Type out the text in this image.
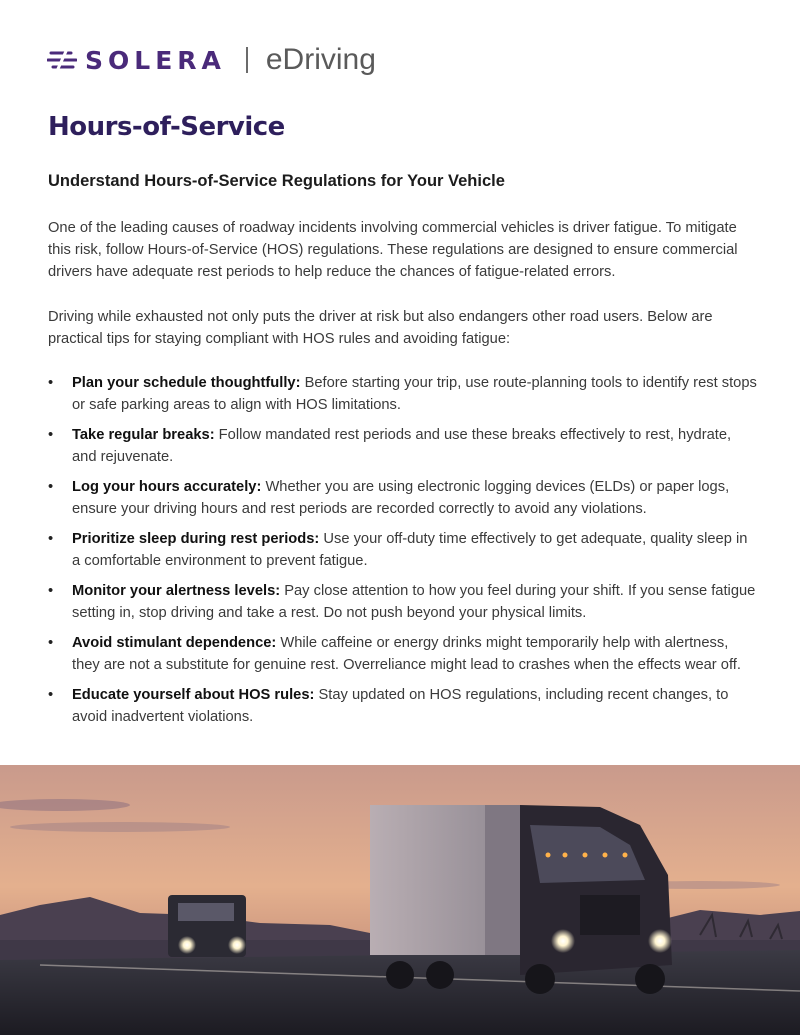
SOLERA eDriving
Hours-of-Service
Understand Hours-of-Service Regulations for Your Vehicle

One of the leading causes of roadway incidents involving commercial vehicles is driver fatigue. To mitigate this risk, follow Hours-of-Service (HOS) regulations. These regulations are designed to ensure commercial drivers have adequate rest periods to help reduce the chances of fatigue-related errors.

Driving while exhausted not only puts the driver at risk but also endangers other road users. Below are practical tips for staying compliant with HOS rules and avoiding fatigue:

• Plan your schedule thoughtfully: Before starting your trip, use route-planning tools to identify rest stops or safe parking areas to align with HOS limitations.
• Take regular breaks: Follow mandated rest periods and use these breaks effectively to rest, hydrate, and rejuvenate.
• Log your hours accurately: Whether you are using electronic logging devices (ELDs) or paper logs, ensure your driving hours and rest periods are recorded correctly to avoid any violations.
• Prioritize sleep during rest periods: Use your off-duty time effectively to get adequate, quality sleep in a comfortable environment to prevent fatigue.
• Monitor your alertness levels: Pay close attention to how you feel during your shift. If you sense fatigue setting in, stop driving and take a rest. Do not push beyond your physical limits.
• Avoid stimulant dependence: While caffeine or energy drinks might temporarily help with alertness, they are not a substitute for genuine rest. Overreliance might lead to crashes when the effects wear off.
• Educate yourself about HOS rules: Stay updated on HOS regulations, including recent changes, to avoid inadvertent violations.
